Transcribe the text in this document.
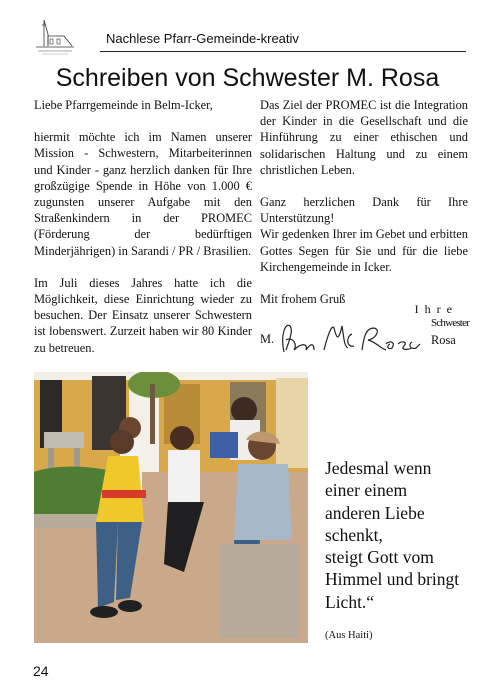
Nachlese Pfarr-Gemeinde-kreativ
Schreiben von Schwester M. Rosa

Liebe Pfarrgemeinde in Belm-Icker,

hiermit möchte ich im Namen unserer Mission - Schwestern, Mitarbeiterinnen und Kinder - ganz herzlich danken für Ihre großzügige Spende in Höhe von 1.000 € zugunsten unserer Aufgabe mit den Straßenkindern in der PROMEC (Förderung der bedürftigen Minderjährigen) in Sarandi / PR / Brasilien.

Im Juli dieses Jahres hatte ich die Möglichkeit, diese Einrichtung wieder zu besuchen. Der Einsatz unserer Schwestern ist lobenswert. Zurzeit haben wir 80 Kinder zu betreuen.

Das Ziel der PROMEC ist die Integration der Kinder in die Gesellschaft und die Hinführung zu einer ethischen und solidarischen Haltung und zu einem christlichen Leben.

Ganz herzlichen Dank für Ihre Unterstützung!

Wir gedenken Ihrer im Gebet und erbitten Gottes Segen für Sie und für die liebe Kirchengemeinde in Icker.

Mit frohem Gruß

Ihre
Schwester
M.	Rosa
Jedesmal wenn
einer einem
anderen Liebe
schenkt,
steigt Gott vom
Himmel und bringt
Licht.“
(Aus Haiti)
24
